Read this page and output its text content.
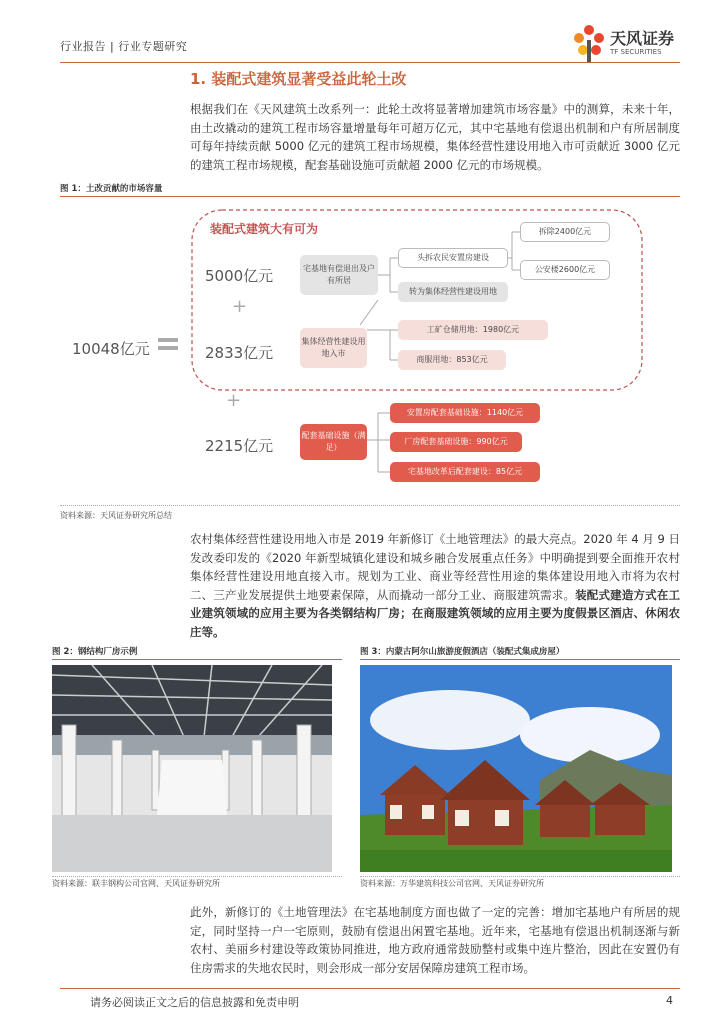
行业报告 | 行业专题研究	天风证券
TF SECURITIES
1. 装配式建筑显著受益此轮土改
根据我们在《天风建筑土改系列一：此轮土改将显著增加建筑市场容量》中的测算，未来十年，由土改撬动的建筑工程市场容量增量每年可超万亿元，其中宅基地有偿退出机制和户有所居制度可每年持续贡献 5000 亿元的建筑工程市场规模，集体经营性建设用地入市可贡献近 3000 亿元的建筑工程市场规模，配套基础设施可贡献超 2000 亿元的市场规模。
图 1：土改贡献的市场容量
装配式建筑大有可为
10048亿元
5000亿元
+
2833亿元
+
2215亿元
宅基地有偿退出及户有所居
头拆农民安置房建设
转为集体经营性建设用地
拆除2400亿元
公安楼2600亿元
集体经营性建设用地入市
工矿仓储用地：1980亿元
商服用地：853亿元
配套基础设施（满足）
安置房配套基础设施：1140亿元
厂房配套基础设施：990亿元
宅基地改革后配套建设：85亿元
资料来源：天风证券研究所总结
农村集体经营性建设用地入市是 2019 年新修订《土地管理法》的最大亮点。2020 年 4 月 9 日发改委印发的《2020 年新型城镇化建设和城乡融合发展重点任务》中明确提到要全面推开农村集体经营性建设用地直接入市。规划为工业、商业等经营性用途的集体建设用地入市将为农村二、三产业发展提供土地要素保障，从而撬动一部分工业、商服建筑需求。装配式建造方式在工业建筑领域的应用主要为各类钢结构厂房；在商服建筑领域的应用主要为度假景区酒店、休闲农庄等。
图 2：钢结构厂房示例
资料来源：联丰钢构公司官网、天风证券研究所
图 3：内蒙古阿尔山旅游度假酒店（装配式集成房屋）
资料来源：万华建筑科技公司官网、天风证券研究所
此外，新修订的《土地管理法》在宅基地制度方面也做了一定的完善：增加宅基地户有所居的规定，同时坚持一户一宅原则，鼓励有偿退出闲置宅基地。近年来，宅基地有偿退出机制逐渐与新农村、美丽乡村建设等政策协同推进，地方政府通常鼓励整村或集中连片整治，因此在安置仍有住房需求的失地农民时，则会形成一部分安居保障房建筑工程市场。
请务必阅读正文之后的信息披露和免责申明	4
